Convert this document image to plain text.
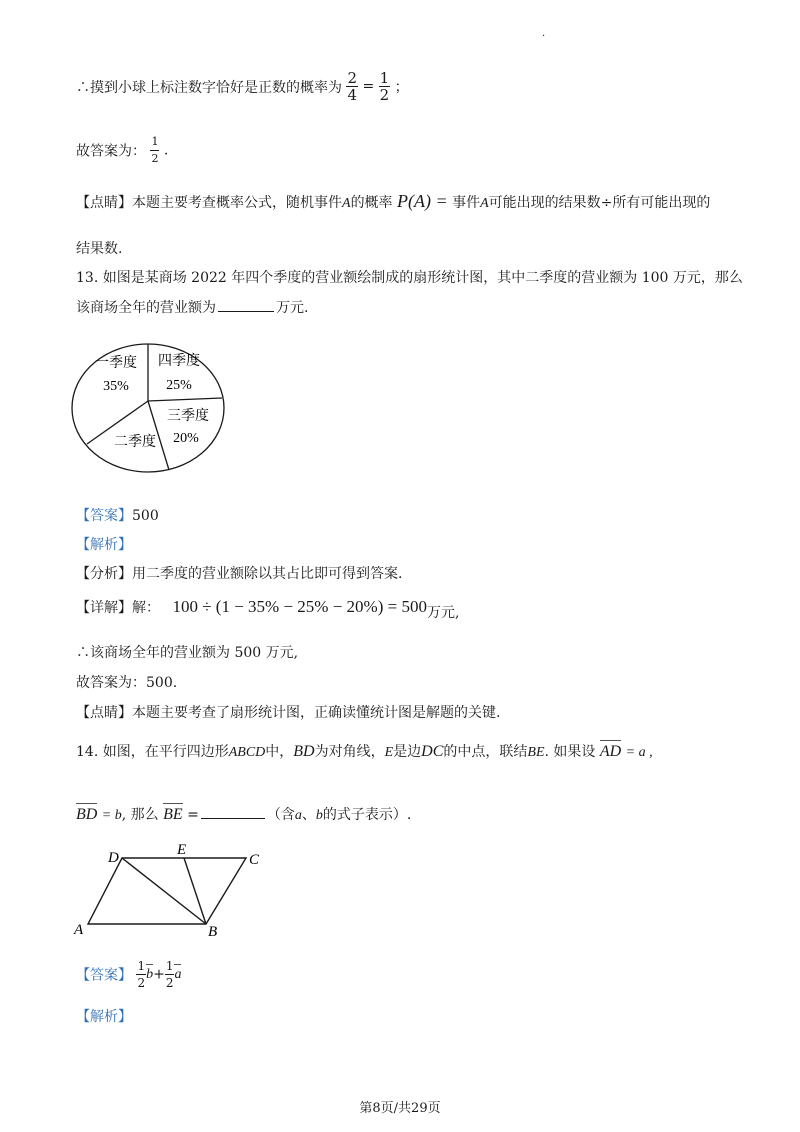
.
∴摸到小球上标注数字恰好是正数的概率为 $\frac{2}{4} = \frac{1}{2}$ ；
故答案为： $\frac{1}{2}$ .
【点睛】本题主要考查概率公式，随机事件A的概率 P(A) = 事件A可能出现的结果数÷所有可能出现的
结果数.
13. 如图是某商场 2022 年四个季度的营业额绘制成的扇形统计图，其中二季度的营业额为 100 万元，那么
该商场全年的营业额为	万元.
一季度
35%
四季度
25%
三季度
20%
二季度
【答案】500
【解析】
【分析】用二季度的营业额除以其占比即可得到答案.
【详解】解： 100 ÷ (1 − 35% − 25% − 20%) = 500万元,
∴该商场全年的营业额为 500 万元,
故答案为：500.
【点睛】本题主要考查了扇形统计图，正确读懂统计图是解题的关键.
14. 如图，在平行四边形ABCD中，BD为对角线，E是边DC的中点，联结BE. 如果设 AD = a ,
BD = b, 那么 BE =	（含a、b的式子表示）.
D	E
C
A	B
【答案】 $\frac{1}{2} b+ \frac{1}{2}$ a
【解析】
第8页/共29页
